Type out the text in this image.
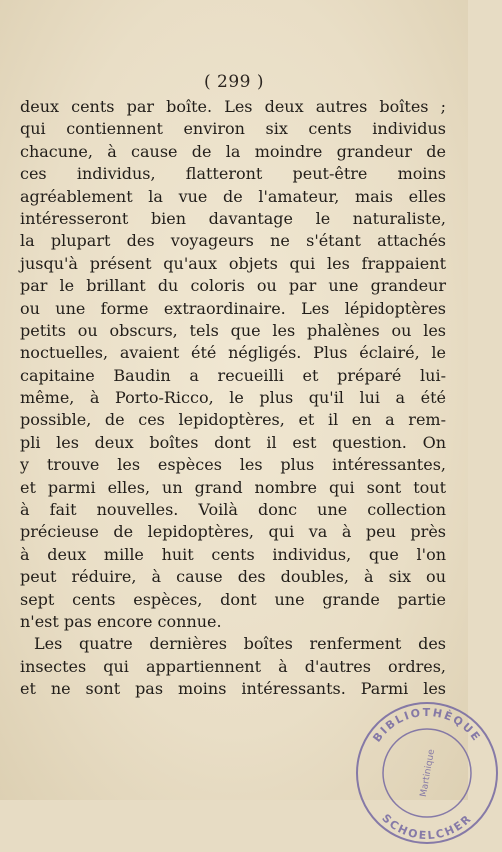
( 299 )
deux cents par boîte. Les deux autres boîtes ;
qui contiennent environ six cents individus
chacune, à cause de la moindre grandeur de
ces individus, flatteront peut-être moins
agréablement la vue de l'amateur, mais elles
intéresseront bien davantage le naturaliste,
la plupart des voyageurs ne s'étant attachés
jusqu'à présent qu'aux objets qui les frappaient
par le brillant du coloris ou par une grandeur
ou une forme extraordinaire. Les lépidoptères
petits ou obscurs, tels que les phalènes ou les
noctuelles, avaient été négligés. Plus éclairé, le
capitaine Baudin a recueilli et préparé lui-
même, à Porto-Ricco, le plus qu'il lui a été
possible, de ces lepidoptères, et il en a rem-
pli les deux boîtes dont il est question. On
y trouve les espèces les plus intéressantes,
et parmi elles, un grand nombre qui sont tout
à fait nouvelles. Voilà donc une collection
précieuse de lepidoptères, qui va à peu près
à deux mille huit cents individus, que l'on
peut réduire, à cause des doubles, à six ou
sept cents espèces, dont une grande partie
n'est pas encore connue.
Les quatre dernières boîtes renferment des
insectes qui appartiennent à d'autres ordres,
et ne sont pas moins intéressants. Parmi les
BIBLIOTHÈQUE
Martinique
SCHOELCHER
